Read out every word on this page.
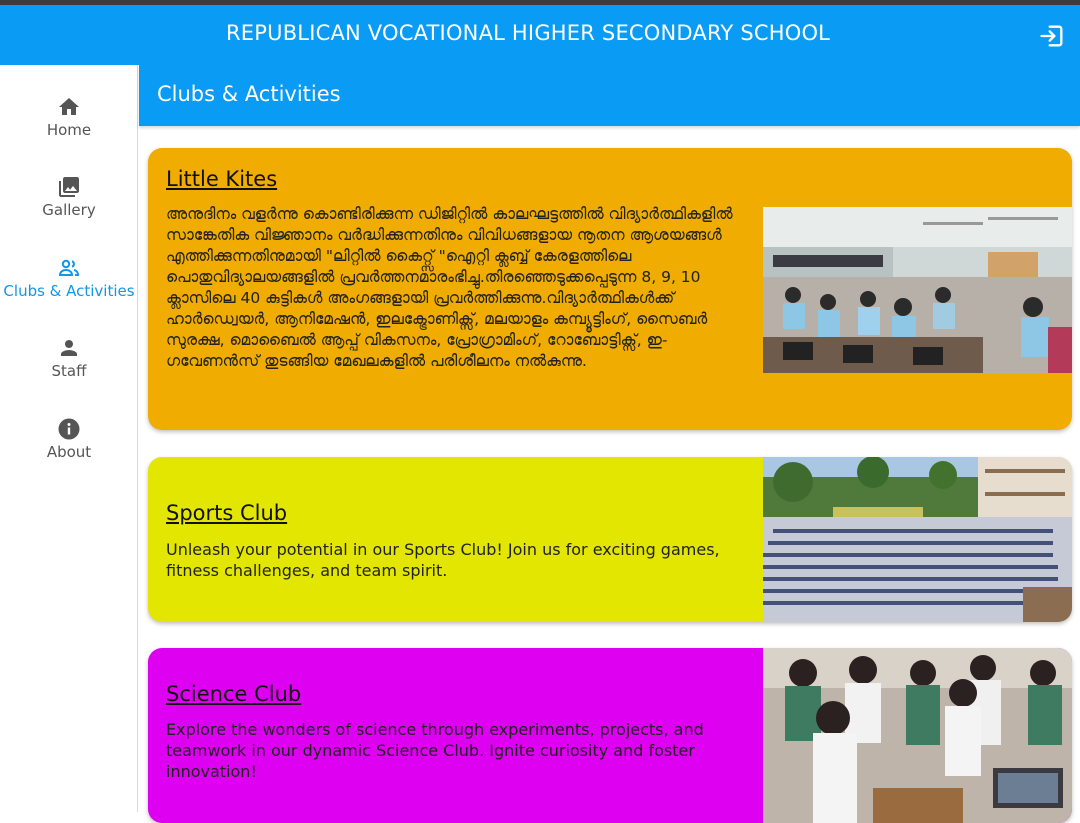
REPUBLICAN VOCATIONAL HIGHER SECONDARY SCHOOL
Home
Gallery
Clubs & Activities
Staff
About
Clubs & Activities
Little Kites
അനുദിനം വളർന്നു കൊണ്ടിരിക്കുന്ന ഡിജിറ്റിൽ കാലഘട്ടത്തിൽ വിദ്യാർത്ഥികളിൽ സാങ്കേതിക വിജ്ഞാനം വർദ്ധിക്കുന്നതിനും വിവിധങ്ങളായ നൂതന ആശയങ്ങൾ എത്തിക്കുന്നതിനുമായി "ലിറ്റിൽ കൈറ്റ്സ് "ഐറ്റി ക്ലബ്ബ് കേരളത്തിലെ പൊതുവിദ്യാലയങ്ങളിൽ പ്രവർത്തനമാരംഭിച്ചു.തിരഞ്ഞെടുക്കപ്പെടുന്ന 8, 9, 10 ക്ലാസിലെ 40 കുട്ടികൾ അംഗങ്ങളായി പ്രവർത്തിക്കുന്നു.വിദ്യാർത്ഥികൾക്ക് ഹാർഡ്വെയർ, ആനിമേഷൻ, ഇലക്ട്രോണിക്സ്, മലയാളം കമ്പ്യൂട്ടിംഗ്, സൈബർ സുരക്ഷ, മൊബൈൽ ആപ്പ് വികസനം, പ്രോഗ്രാമിംഗ്, റോബോട്ടിക്സ്, ഇ-ഗവേണൻസ് തുടങ്ങിയ മേഖലകളിൽ പരിശീലനം നൽകുന്നു.
Sports Club
Unleash your potential in our Sports Club! Join us for exciting games, fitness challenges, and team spirit.
Science Club
Explore the wonders of science through experiments, projects, and teamwork in our dynamic Science Club. Ignite curiosity and foster innovation!
